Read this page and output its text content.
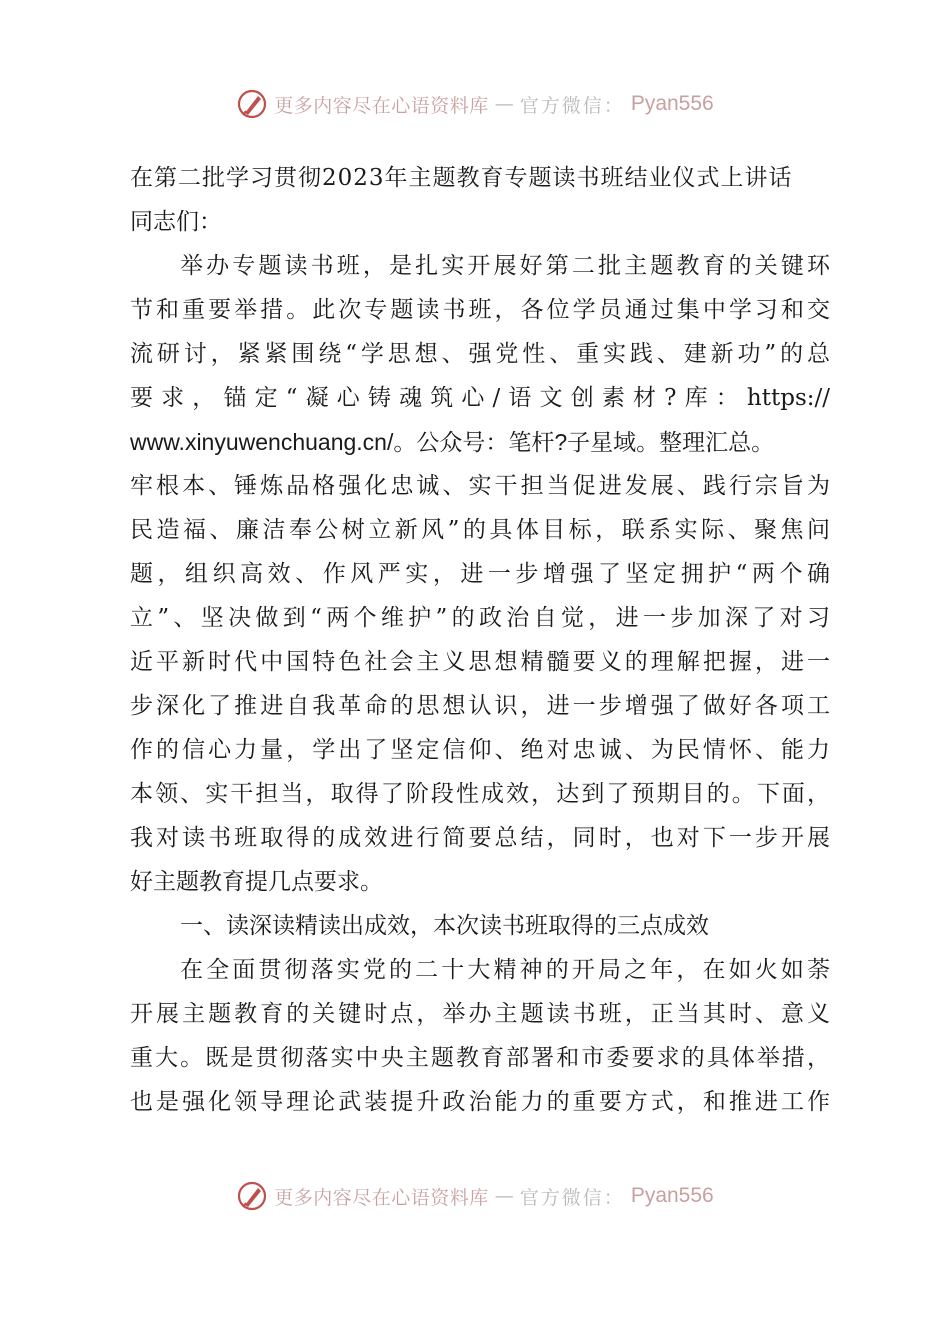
更多内容尽在心语资料库 — 官方微信： Pyan556
在第二批学习贯彻2023年主题教育专题读书班结业仪式上讲话
同志们：
举办专题读书班，是扎实开展好第二批主题教育的关键环
节和重要举措。此次专题读书班，各位学员通过集中学习和交
流研讨，紧紧围绕“学思想、强党性、重实践、建新功”的总
要求，锚定“凝心铸魂筑心/语文创素材?库：https://
www.xinyuwenchuang.cn/。公众号：笔杆?子星域。整理汇总。
牢根本、锤炼品格强化忠诚、实干担当促进发展、践行宗旨为
民造福、廉洁奉公树立新风”的具体目标，联系实际、聚焦问
题，组织高效、作风严实，进一步增强了坚定拥护“两个确
立”、坚决做到“两个维护”的政治自觉，进一步加深了对习
近平新时代中国特色社会主义思想精髓要义的理解把握，进一
步深化了推进自我革命的思想认识，进一步增强了做好各项工
作的信心力量，学出了坚定信仰、绝对忠诚、为民情怀、能力
本领、实干担当，取得了阶段性成效，达到了预期目的。下面，
我对读书班取得的成效进行简要总结，同时，也对下一步开展
好主题教育提几点要求。
一、读深读精读出成效，本次读书班取得的三点成效
在全面贯彻落实党的二十大精神的开局之年，在如火如荼
开展主题教育的关键时点，举办主题读书班，正当其时、意义
重大。既是贯彻落实中央主题教育部署和市委要求的具体举措，
也是强化领导理论武装提升政治能力的重要方式，和推进工作
更多内容尽在心语资料库 — 官方微信： Pyan556
